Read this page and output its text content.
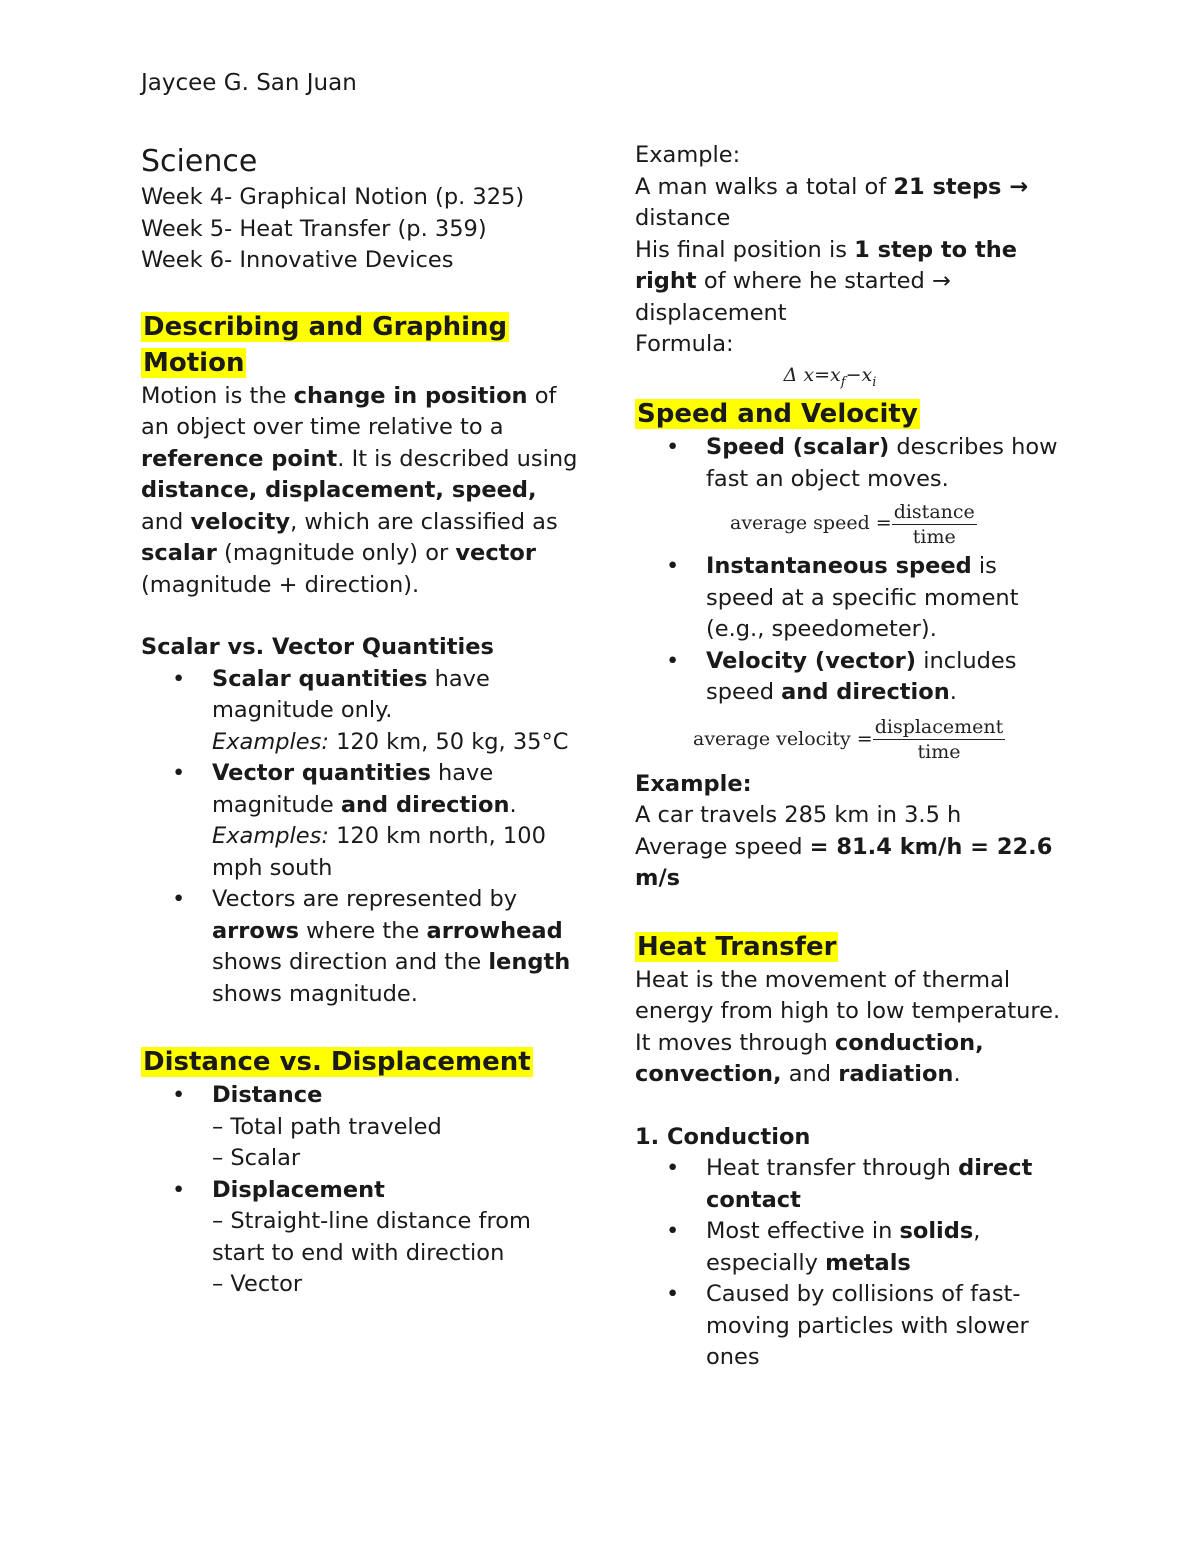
Jaycee G. San Juan
Science
Week 4- Graphical Notion (p. 325)
Week 5- Heat Transfer (p. 359)
Week 6- Innovative Devices

Describing and Graphing Motion

Motion is the change in position of an object over time relative to a reference point. It is described using distance, displacement, speed, and velocity, which are classified as scalar (magnitude only) or vector (magnitude + direction).

Scalar vs. Vector Quantities

• Scalar quantities have magnitude only.
Examples: 120 km, 50 kg, 35°C
• Vector quantities have magnitude and direction.
Examples: 120 km north, 100 mph south
• Vectors are represented by arrows where the arrowhead shows direction and the length shows magnitude.

Distance vs. Displacement

• Distance
– Total path traveled
– Scalar
• Displacement
– Straight-line distance from start to end with direction
– Vector

Example:

A man walks a total of 21 steps → distance

His final position is 1 step to the right of where he started → displacement

Formula:

Δ $x=x_f-x_i$

Speed and Velocity

• Speed (scalar) describes how fast an object moves.
average speed = $\frac{\text{distance}}{\text{time}}$
• Instantaneous speed is speed at a specific moment (e.g., speedometer).
• Velocity (vector) includes speed and direction.
average velocity = $\frac{\text{displacement}}{\text{time}}$

Example:

A car travels 285 km in 3.5 h

Average speed = 81.4 km/h = 22.6 m/s

Heat Transfer

Heat is the movement of thermal energy from high to low temperature. It moves through conduction, convection, and radiation.

1. Conduction

• Heat transfer through direct contact
• Most effective in solids, especially metals
• Caused by collisions of fast-moving particles with slower ones
